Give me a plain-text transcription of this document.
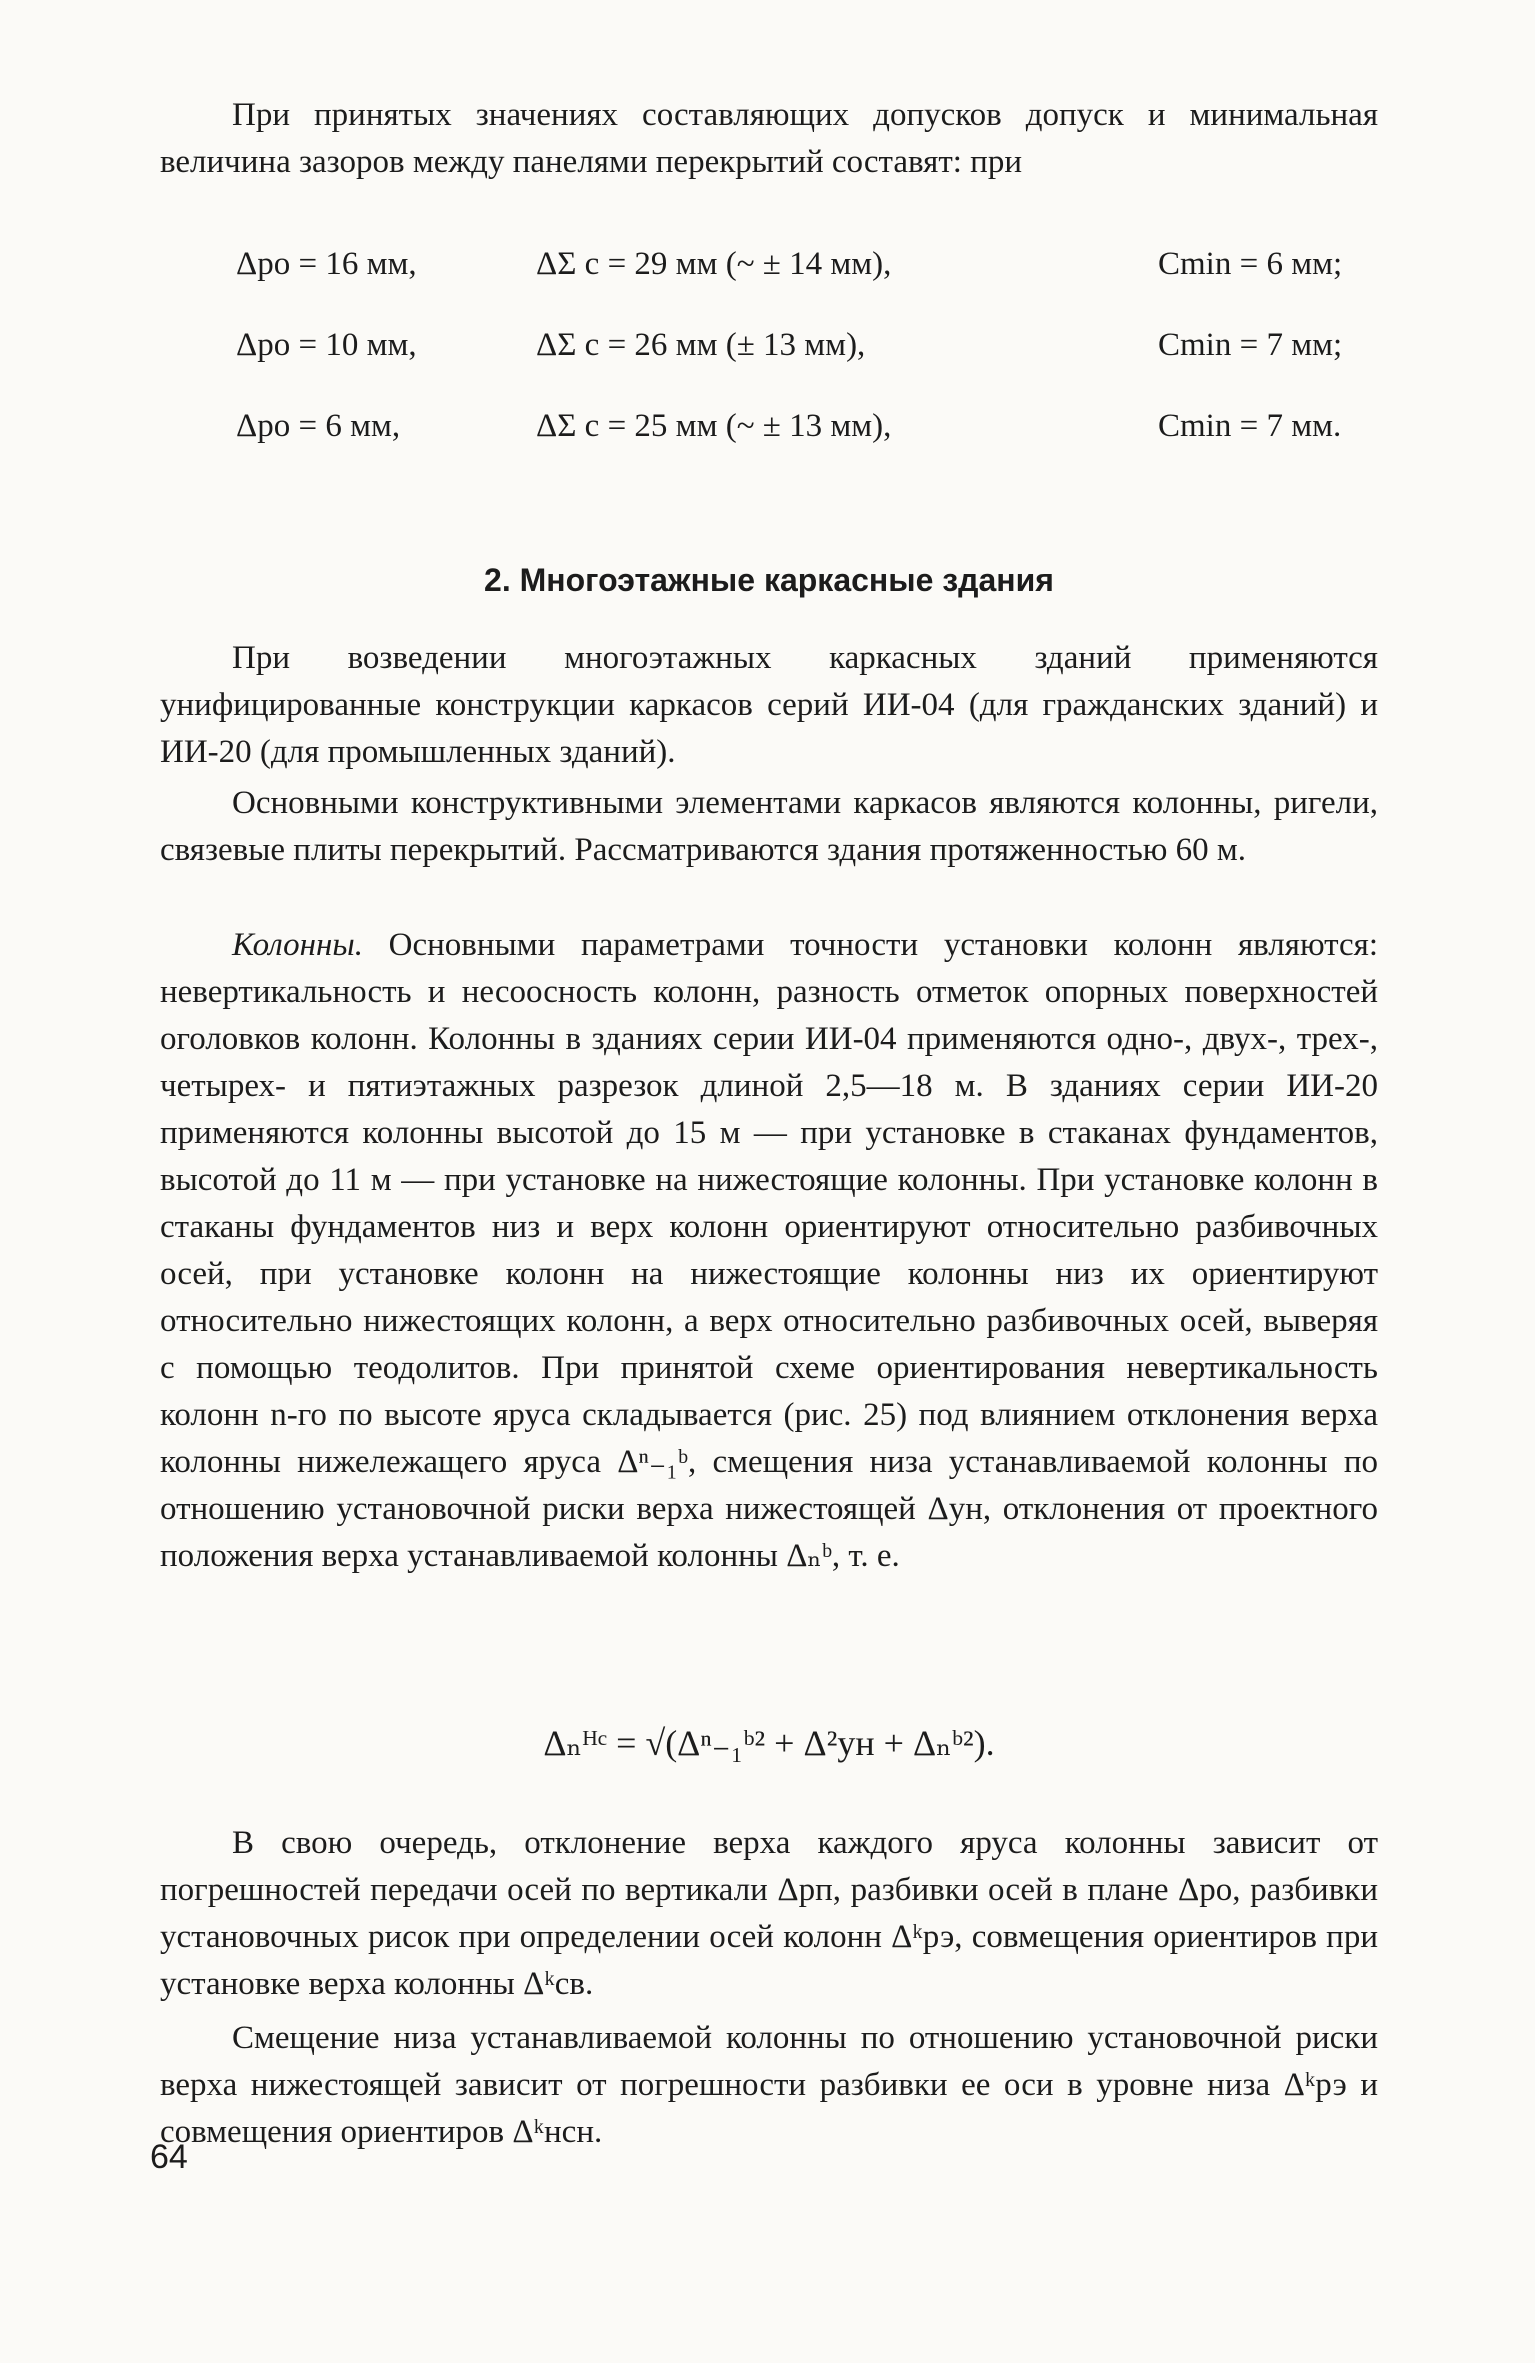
При принятых значениях составляющих допусков допуск и минимальная величина зазоров между панелями перекрытий составят: при

Δро = 16 мм,	ΔΣ с = 29 мм (~ ± 14 мм),	Cmin = 6 мм;
Δро = 10 мм,	ΔΣ с = 26 мм (± 13 мм),	Cmin = 7 мм;
Δро = 6 мм,	ΔΣ с = 25 мм (~ ± 13 мм),	Cmin = 7 мм.
2. Многоэтажные каркасные здания

При возведении многоэтажных каркасных зданий применяются унифицированные конструкции каркасов серий ИИ-04 (для гражданских зданий) и ИИ-20 (для промышленных зданий).

Основными конструктивными элементами каркасов являются колонны, ригели, связевые плиты перекрытий. Рассматриваются здания протяженностью 60 м.

Колонны. Основными параметрами точности установки колонн являются: невертикальность и несоосность колонн, разность отметок опорных поверхностей оголовков колонн. Колонны в зданиях серии ИИ-04 применяются одно-, двух-, трех-, четырех- и пятиэтажных разрезок длиной 2,5—18 м. В зданиях серии ИИ-20 применяются колонны высотой до 15 м — при установке в стаканах фундаментов, высотой до 11 м — при установке на нижестоящие колонны. При установке колонн в стаканы фундаментов низ и верх колонн ориентируют относительно разбивочных осей, при установке колонн на нижестоящие колонны низ их ориентируют относительно нижестоящих колонн, а верх относительно разбивочных осей, выверяя с помощью теодолитов. При принятой схеме ориентирования невертикальность колонн n-го по высоте яруса складывается (рис. 25) под влиянием отклонения верха колонны нижележащего яруса Δⁿ₋₁ᵇ, смещения низа устанавливаемой колонны по отношению установочной риски верха нижестоящей Δун, отклонения от проектного положения верха устанавливаемой колонны Δₙᵇ, т. е.

Δₙᴴᶜ = √(Δⁿ₋₁ᵇ² + Δ²ун + Δₙᵇ²).

В свою очередь, отклонение верха каждого яруса колонны зависит от погрешностей передачи осей по вертикали Δрп, разбивки осей в плане Δро, разбивки установочных рисок при определении осей колонн Δᵏрэ, совмещения ориентиров при установке верха колонны Δᵏсв.

Смещение низа устанавливаемой колонны по отношению установочной риски верха нижестоящей зависит от погрешности разбивки ее оси в уровне низа Δᵏрэ и совмещения ориентиров Δᵏнсн.

64
